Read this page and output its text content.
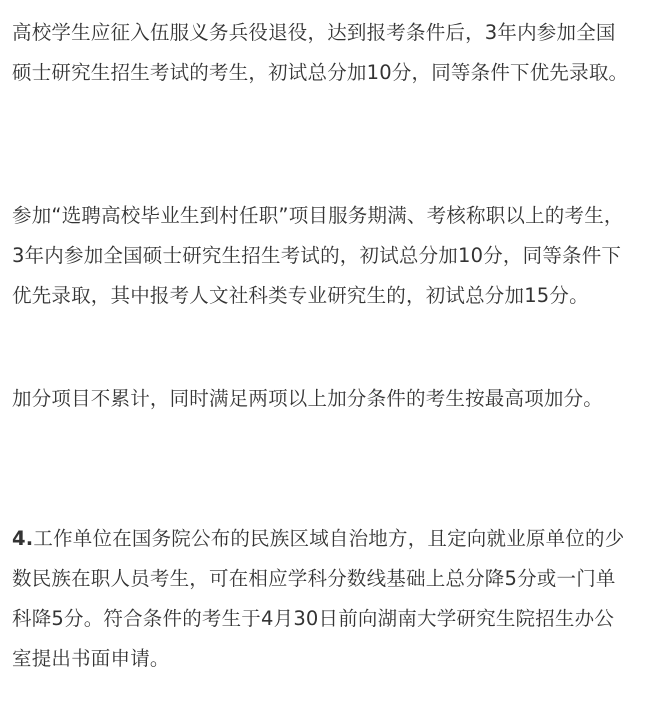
高校学生应征入伍服义务兵役退役，达到报考条件后，3年内参加全国硕士研究生招生考试的考生，初试总分加10分，同等条件下优先录取。

参加“选聘高校毕业生到村任职”项目服务期满、考核称职以上的考生，3年内参加全国硕士研究生招生考试的，初试总分加10分，同等条件下优先录取，其中报考人文社科类专业研究生的，初试总分加15分。

加分项目不累计，同时满足两项以上加分条件的考生按最高项加分。

4.工作单位在国务院公布的民族区域自治地方，且定向就业原单位的少数民族在职人员考生，可在相应学科分数线基础上总分降5分或一门单科降5分。符合条件的考生于4月30日前向湖南大学研究生院招生办公室提出书面申请。
